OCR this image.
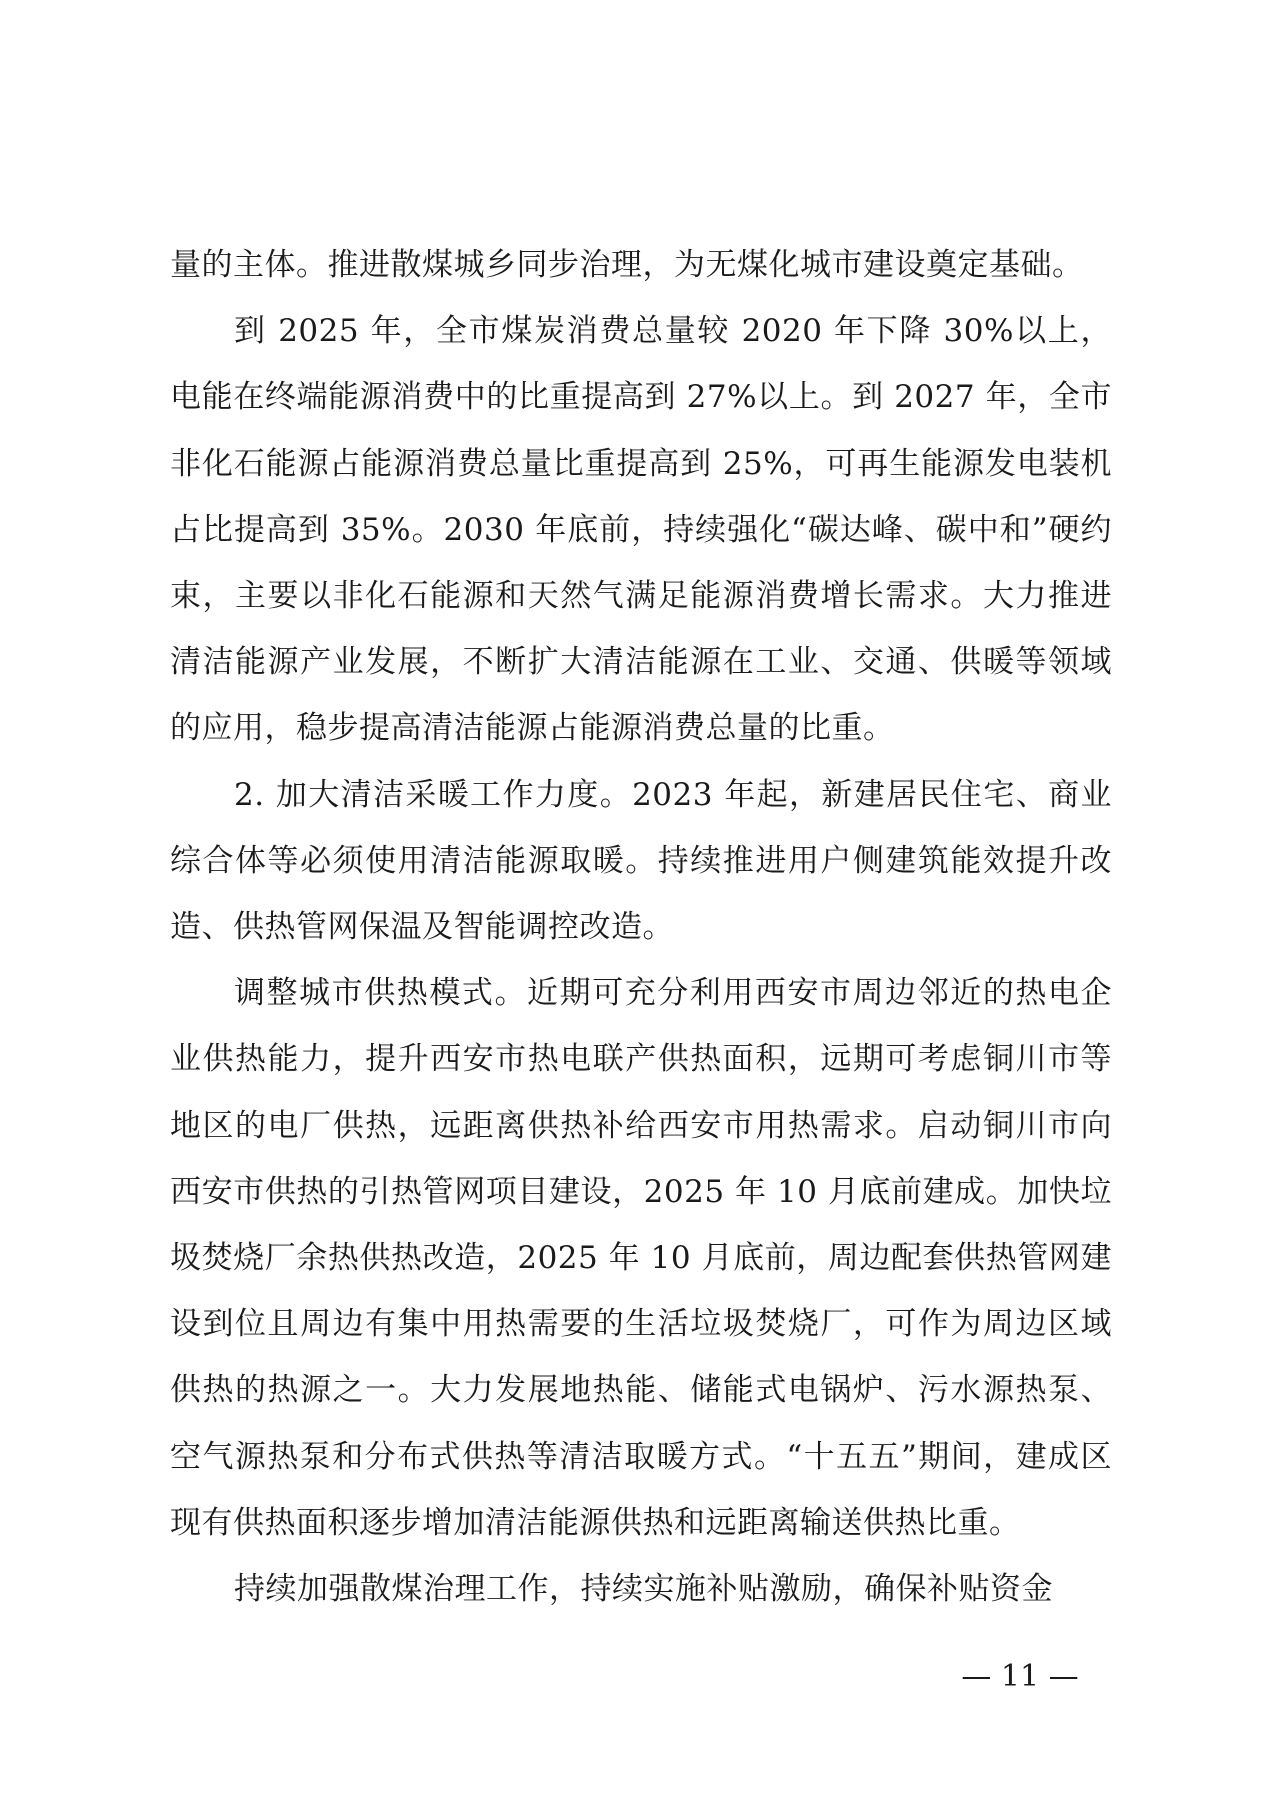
量的主体。推进散煤城乡同步治理，为无煤化城市建设奠定基础。

到 2025 年，全市煤炭消费总量较 2020 年下降 30%以上，电能在终端能源消费中的比重提高到 27%以上。到 2027 年，全市非化石能源占能源消费总量比重提高到 25%，可再生能源发电装机占比提高到 35%。2030 年底前，持续强化“碳达峰、碳中和”硬约束，主要以非化石能源和天然气满足能源消费增长需求。大力推进清洁能源产业发展，不断扩大清洁能源在工业、交通、供暖等领域的应用，稳步提高清洁能源占能源消费总量的比重。

2. 加大清洁采暖工作力度。2023 年起，新建居民住宅、商业综合体等必须使用清洁能源取暖。持续推进用户侧建筑能效提升改造、供热管网保温及智能调控改造。

调整城市供热模式。近期可充分利用西安市周边邻近的热电企业供热能力，提升西安市热电联产供热面积，远期可考虑铜川市等地区的电厂供热，远距离供热补给西安市用热需求。启动铜川市向西安市供热的引热管网项目建设，2025 年 10 月底前建成。加快垃圾焚烧厂余热供热改造，2025 年 10 月底前，周边配套供热管网建设到位且周边有集中用热需要的生活垃圾焚烧厂，可作为周边区域供热的热源之一。大力发展地热能、储能式电锅炉、污水源热泵、空气源热泵和分布式供热等清洁取暖方式。“十五五”期间，建成区现有供热面积逐步增加清洁能源供热和远距离输送供热比重。

持续加强散煤治理工作，持续实施补贴激励，确保补贴资金

— 11 —
